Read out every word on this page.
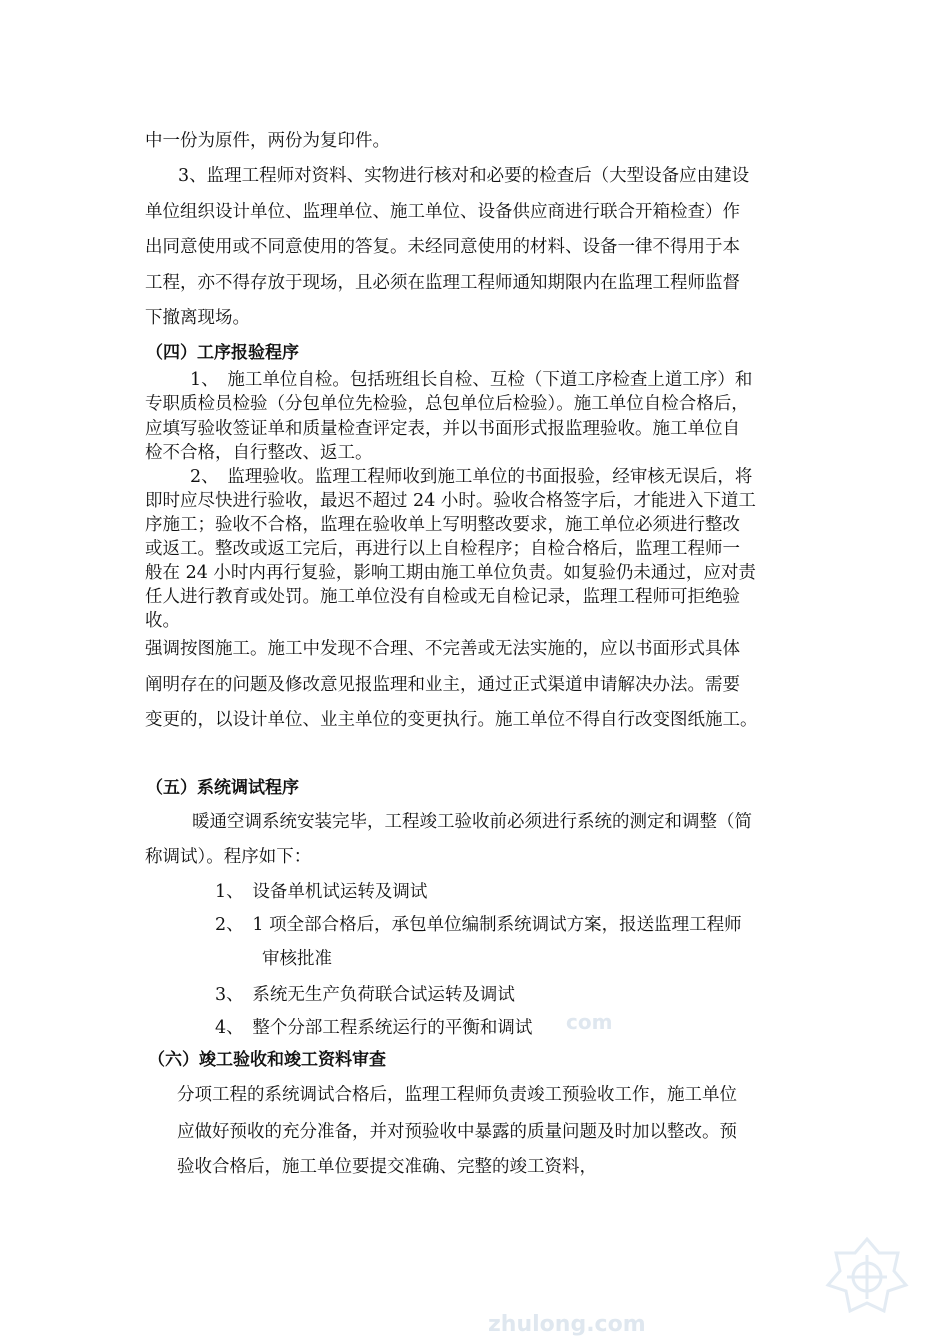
中一份为原件，两份为复印件。
3、监理工程师对资料、实物进行核对和必要的检查后（大型设备应由建设
单位组织设计单位、监理单位、施工单位、设备供应商进行联合开箱检查）作
出同意使用或不同意使用的答复。未经同意使用的材料、设备一律不得用于本
工程，亦不得存放于现场，且必须在监理工程师通知期限内在监理工程师监督
下撤离现场。
（四）工序报验程序
1、　施工单位自检。包括班组长自检、互检（下道工序检查上道工序）和
专职质检员检验（分包单位先检验，总包单位后检验）。施工单位自检合格后，
应填写验收签证单和质量检查评定表，并以书面形式报监理验收。施工单位自
检不合格，自行整改、返工。
2、　监理验收。监理工程师收到施工单位的书面报验，经审核无误后，将
即时应尽快进行验收，最迟不超过 24 小时。验收合格签字后，才能进入下道工
序施工；验收不合格，监理在验收单上写明整改要求，施工单位必须进行整改
或返工。整改或返工完后，再进行以上自检程序；自检合格后，监理工程师一
般在 24 小时内再行复验，影响工期由施工单位负责。如复验仍未通过，应对责
任人进行教育或处罚。施工单位没有自检或无自检记录，监理工程师可拒绝验
收。
强调按图施工。施工中发现不合理、不完善或无法实施的，应以书面形式具体
阐明存在的问题及修改意见报监理和业主，通过正式渠道申请解决办法。需要
变更的，以设计单位、业主单位的变更执行。施工单位不得自行改变图纸施工。
（五）系统调试程序
暖通空调系统安装完毕，工程竣工验收前必须进行系统的测定和调整（简
称调试）。程序如下：
1、　设备单机试运转及调试
2、　1 项全部合格后，承包单位编制系统调试方案，报送监理工程师
审核批准
3、　系统无生产负荷联合试运转及调试
4、　整个分部工程系统运行的平衡和调试
（六）竣工验收和竣工资料审查
分项工程的系统调试合格后，监理工程师负责竣工预验收工作，施工单位
应做好预收的充分准备，并对预验收中暴露的质量问题及时加以整改。预
验收合格后，施工单位要提交准确、完整的竣工资料，
com
zhulong.com
